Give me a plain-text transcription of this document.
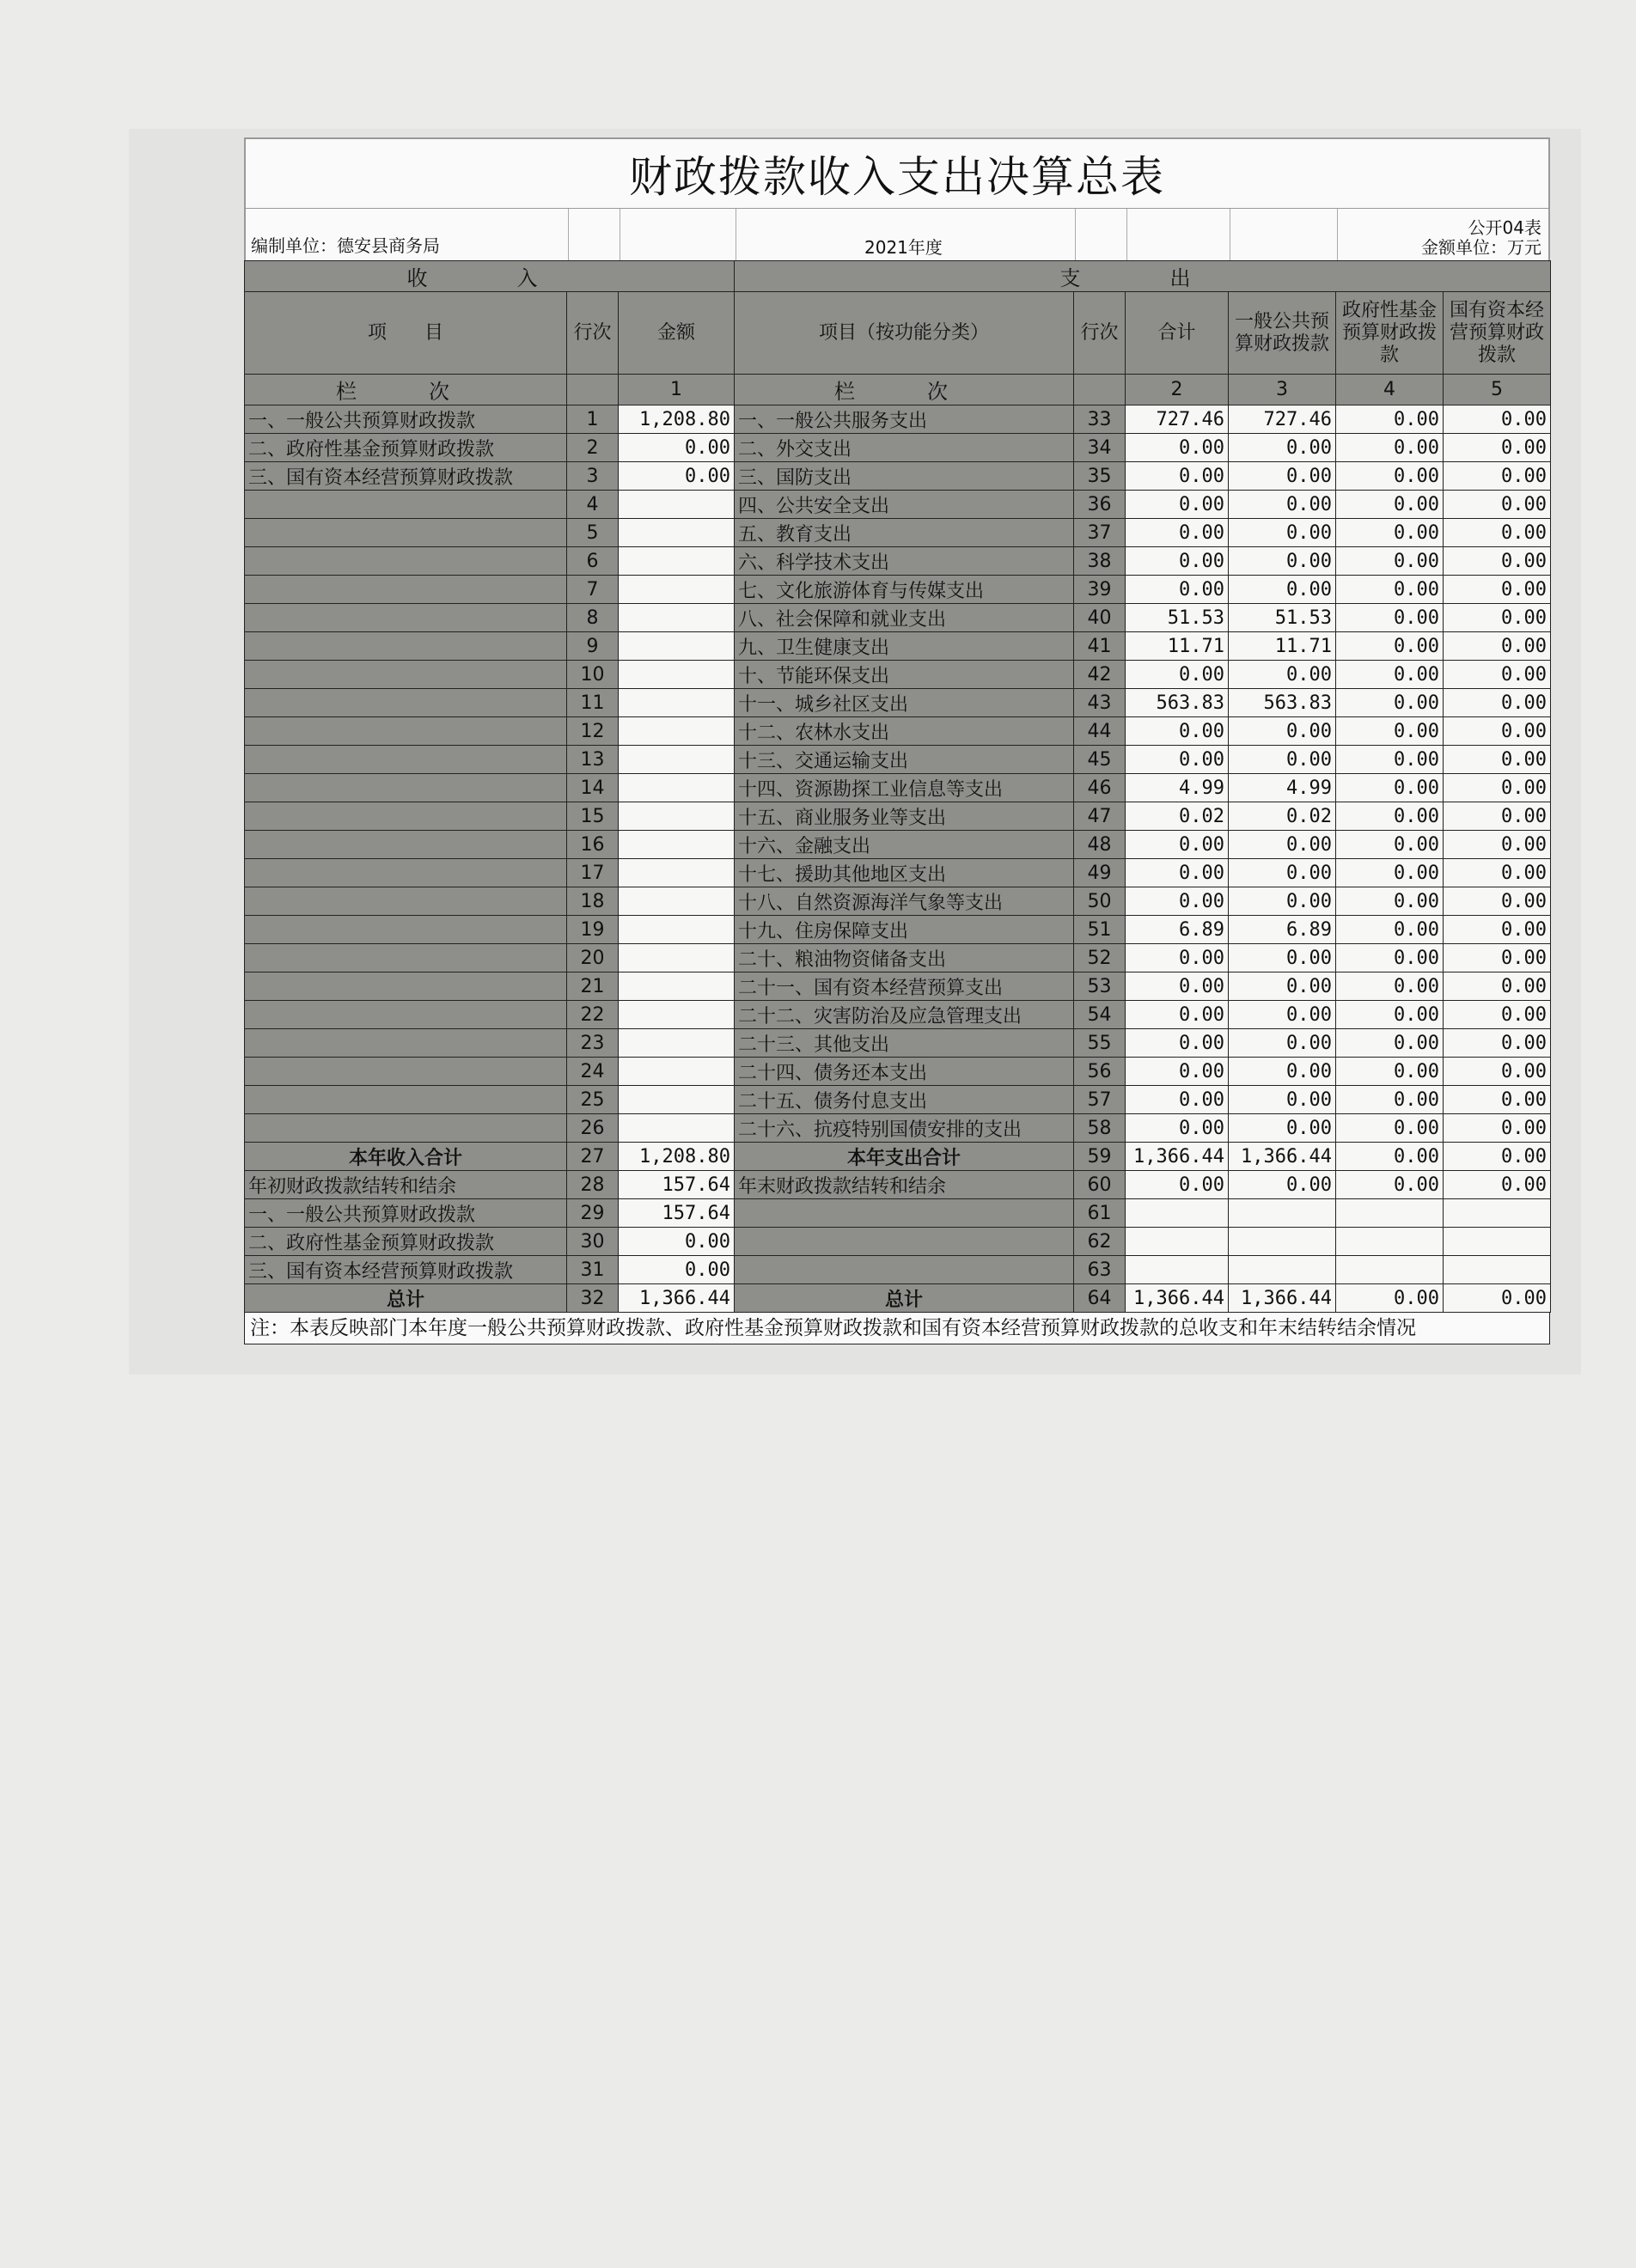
财政拨款收入支出决算总表
编制单位：德安县商务局	2021年度
公开04表
金额单位：万元
收　入			支　出					
项　　目	行次	金额	项目（按功能分类）	行次	合计	一般公共预算财政拨款	政府性基金预算财政拨款	国有资本经营预算财政拨款
栏　次		1	栏　次		2	3	4	5
一、一般公共预算财政拨款	1	1,208.80	一、一般公共服务支出	33	727.46	727.46	0.00	0.00
二、政府性基金预算财政拨款	2	0.00	二、外交支出	34	0.00	0.00	0.00	0.00
三、国有资本经营预算财政拨款	3	0.00	三、国防支出	35	0.00	0.00	0.00	0.00
	4		四、公共安全支出	36	0.00	0.00	0.00	0.00
	5		五、教育支出	37	0.00	0.00	0.00	0.00
	6		六、科学技术支出	38	0.00	0.00	0.00	0.00
	7		七、文化旅游体育与传媒支出	39	0.00	0.00	0.00	0.00
	8		八、社会保障和就业支出	40	51.53	51.53	0.00	0.00
	9		九、卫生健康支出	41	11.71	11.71	0.00	0.00
	10		十、节能环保支出	42	0.00	0.00	0.00	0.00
	11		十一、城乡社区支出	43	563.83	563.83	0.00	0.00
	12		十二、农林水支出	44	0.00	0.00	0.00	0.00
	13		十三、交通运输支出	45	0.00	0.00	0.00	0.00
	14		十四、资源勘探工业信息等支出	46	4.99	4.99	0.00	0.00
	15		十五、商业服务业等支出	47	0.02	0.02	0.00	0.00
	16		十六、金融支出	48	0.00	0.00	0.00	0.00
	17		十七、援助其他地区支出	49	0.00	0.00	0.00	0.00
	18		十八、自然资源海洋气象等支出	50	0.00	0.00	0.00	0.00
	19		十九、住房保障支出	51	6.89	6.89	0.00	0.00
	20		二十、粮油物资储备支出	52	0.00	0.00	0.00	0.00
	21		二十一、国有资本经营预算支出	53	0.00	0.00	0.00	0.00
	22		二十二、灾害防治及应急管理支出	54	0.00	0.00	0.00	0.00
	23		二十三、其他支出	55	0.00	0.00	0.00	0.00
	24		二十四、债务还本支出	56	0.00	0.00	0.00	0.00
	25		二十五、债务付息支出	57	0.00	0.00	0.00	0.00
	26		二十六、抗疫特别国债安排的支出	58	0.00	0.00	0.00	0.00
本年收入合计	27	1,208.80	本年支出合计	59	1,366.44	1,366.44	0.00	0.00
年初财政拨款结转和结余	28	157.64	年末财政拨款结转和结余	60	0.00	0.00	0.00	0.00
一、一般公共预算财政拨款	29	157.64		61				
二、政府性基金预算财政拨款	30	0.00		62				
三、国有资本经营预算财政拨款	31	0.00		63				
总计	32	1,366.44	总计	64	1,366.44	1,366.44	0.00	0.00
注：本表反映部门本年度一般公共预算财政拨款、政府性基金预算财政拨款和国有资本经营预算财政拨款的总收支和年末结转结余情况
